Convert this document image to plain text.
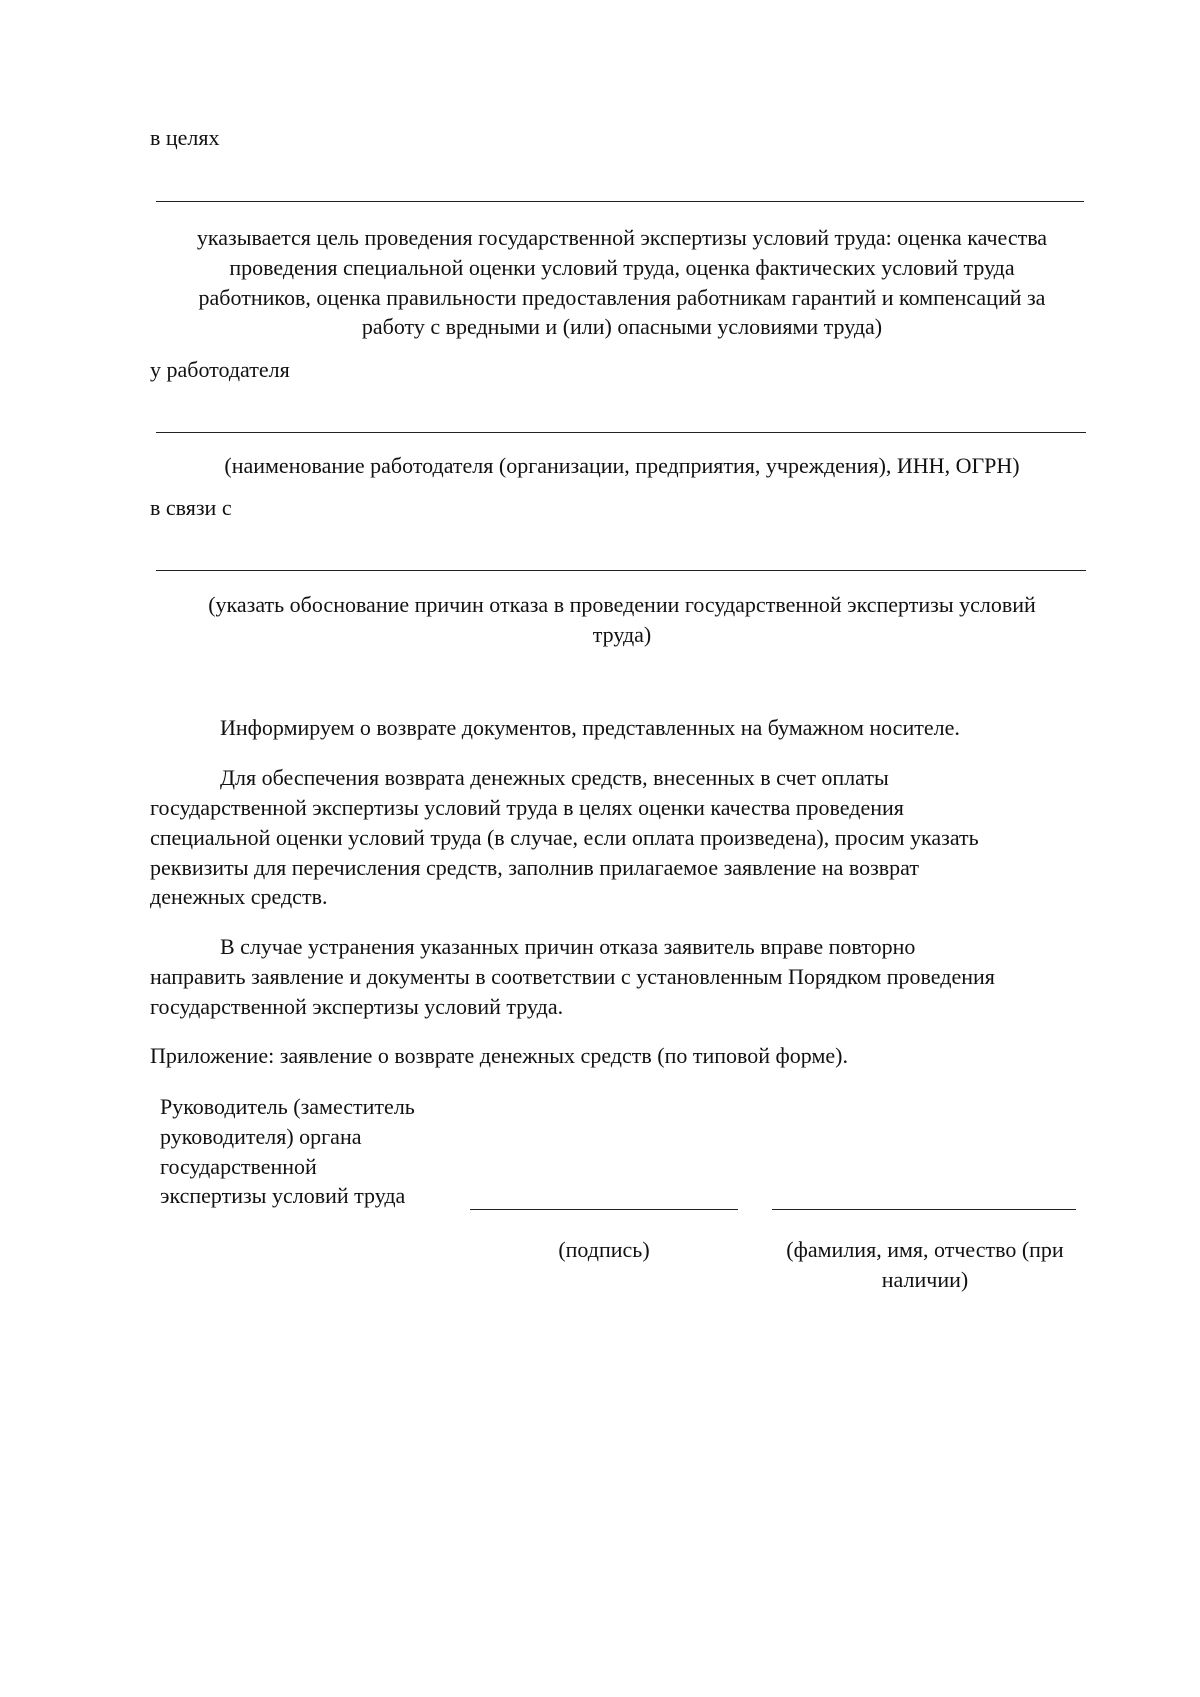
в целях
указывается цель проведения государственной экспертизы условий труда: оценка качества
проведения специальной оценки условий труда, оценка фактических условий труда
работников, оценка правильности предоставления работникам гарантий и компенсаций за
работу с вредными и (или) опасными условиями труда)
у работодателя
(наименование работодателя (организации, предприятия, учреждения), ИНН, ОГРН)
в связи с
(указать обоснование причин отказа в проведении государственной экспертизы условий
труда)
Информируем о возврате документов, представленных на бумажном носителе.
Для обеспечения возврата денежных средств, внесенных в счет оплаты
государственной экспертизы условий труда в целях оценки качества проведения
специальной оценки условий труда (в случае, если оплата произведена), просим указать
реквизиты для перечисления средств, заполнив прилагаемое заявление на возврат
денежных средств.
В случае устранения указанных причин отказа заявитель вправе повторно
направить заявление и документы в соответствии с установленным Порядком проведения
государственной экспертизы условий труда.
Приложение: заявление о возврате денежных средств (по типовой форме).
Руководитель (заместитель
руководителя) органа
государственной
экспертизы условий труда
(подпись)	(фамилия, имя, отчество (при
наличии)
